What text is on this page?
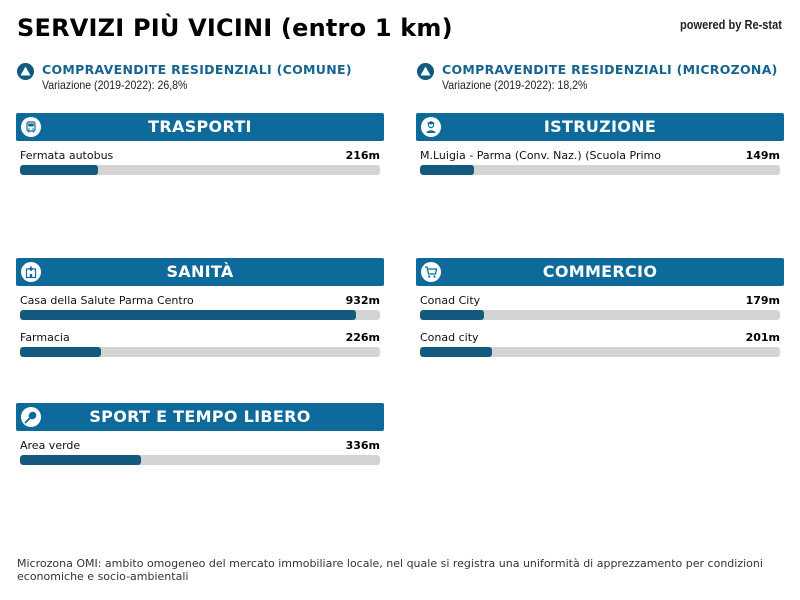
SERVIZI PIÙ VICINI (entro 1 km)	powered by Re-stat
COMPRAVENDITE RESIDENZIALI (COMUNE)
Variazione (2019-2022): 26,8%
COMPRAVENDITE RESIDENZIALI (MICROZONA)
Variazione (2019-2022): 18,2%
TRASPORTI
Fermata autobus	216m
ISTRUZIONE
M.Luigia - Parma (Conv. Naz.) (Scuola Primo	149m
SANITÀ
Casa della Salute Parma Centro	932m
Farmacia	226m
COMMERCIO
Conad City	179m
Conad city	201m
SPORT E TEMPO LIBERO
Area verde	336m
Microzona OMI: ambito omogeneo del mercato immobiliare locale, nel quale si registra una uniformità di apprezzamento per condizioni economiche e socio-ambientali
